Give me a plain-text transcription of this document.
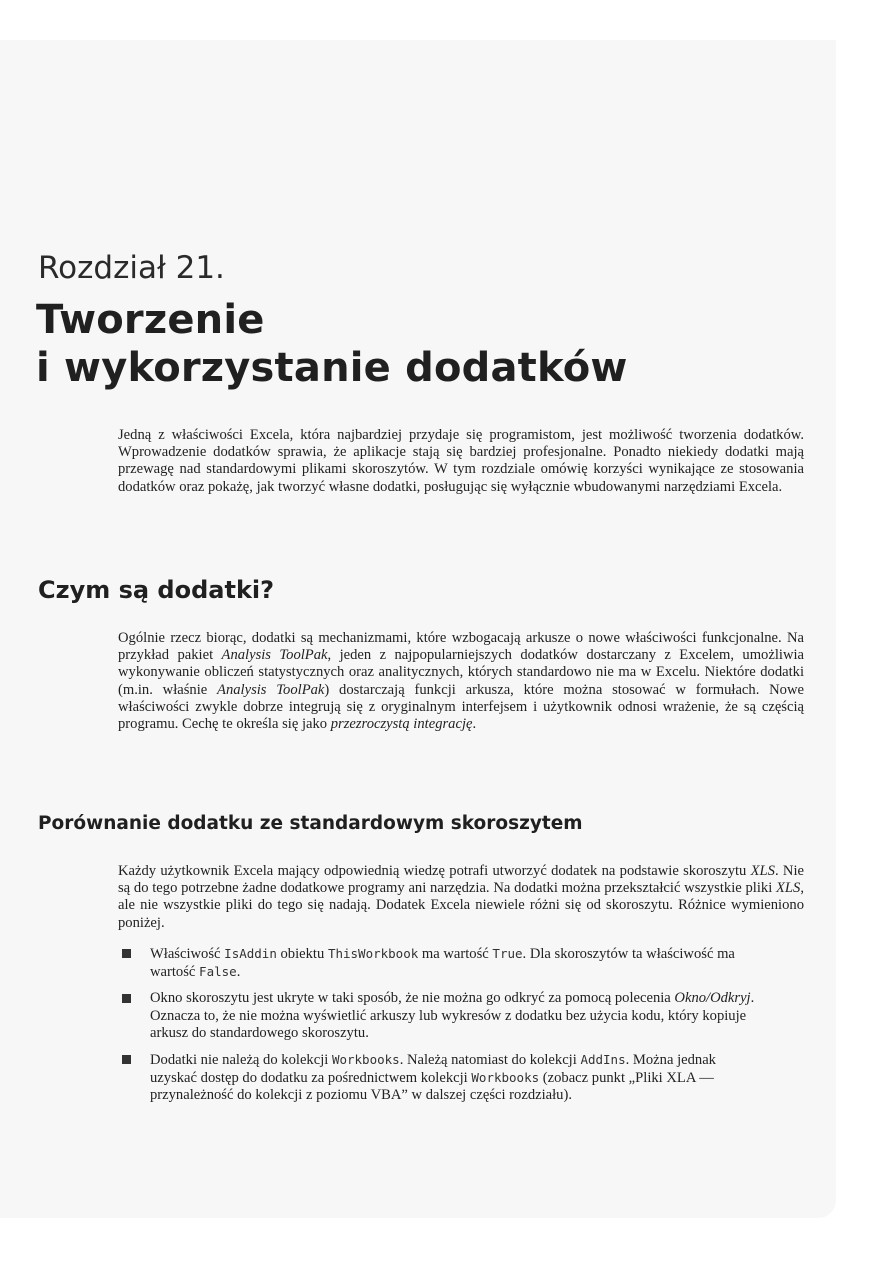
Rozdział 21.
Tworzenie
i wykorzystanie dodatków

Jedną z właściwości Excela, która najbardziej przydaje się programistom, jest możliwość tworzenia dodatków. Wprowadzenie dodatków sprawia, że aplikacje stają się bardziej profesjonalne. Ponadto niekiedy dodatki mają przewagę nad standardowymi plikami skoroszytów. W tym rozdziale omówię korzyści wynikające ze stosowania dodatków oraz pokażę, jak tworzyć własne dodatki, posługując się wyłącznie wbudowanymi narzędziami Excela.

Czym są dodatki?

Ogólnie rzecz biorąc, dodatki są mechanizmami, które wzbogacają arkusze o nowe właściwości funkcjonalne. Na przykład pakiet Analysis ToolPak, jeden z najpopularniejszych dodatków dostarczany z Excelem, umożliwia wykonywanie obliczeń statystycznych oraz analitycznych, których standardowo nie ma w Excelu. Niektóre dodatki (m.in. właśnie Analysis ToolPak) dostarczają funkcji arkusza, które można stosować w formułach. Nowe właściwości zwykle dobrze integrują się z oryginalnym interfejsem i użytkownik odnosi wrażenie, że są częścią programu. Cechę te określa się jako przezroczystą integrację.

Porównanie dodatku ze standardowym skoroszytem

Każdy użytkownik Excela mający odpowiednią wiedzę potrafi utworzyć dodatek na podstawie skoroszytu XLS. Nie są do tego potrzebne żadne dodatkowe programy ani narzędzia. Na dodatki można przekształcić wszystkie pliki XLS, ale nie wszystkie pliki do tego się nadają. Dodatek Excela niewiele różni się od skoroszytu. Różnice wymieniono poniżej.

Właściwość IsAddin obiektu ThisWorkbook ma wartość True. Dla skoroszytów ta właściwość ma wartość False.
Okno skoroszytu jest ukryte w taki sposób, że nie można go odkryć za pomocą polecenia Okno/Odkryj. Oznacza to, że nie można wyświetlić arkuszy lub wykresów z dodatku bez użycia kodu, który kopiuje arkusz do standardowego skoroszytu.
Dodatki nie należą do kolekcji Workbooks. Należą natomiast do kolekcji AddIns. Można jednak uzyskać dostęp do dodatku za pośrednictwem kolekcji Workbooks (zobacz punkt „Pliki XLA — przynależność do kolekcji z poziomu VBA” w dalszej części rozdziału).
